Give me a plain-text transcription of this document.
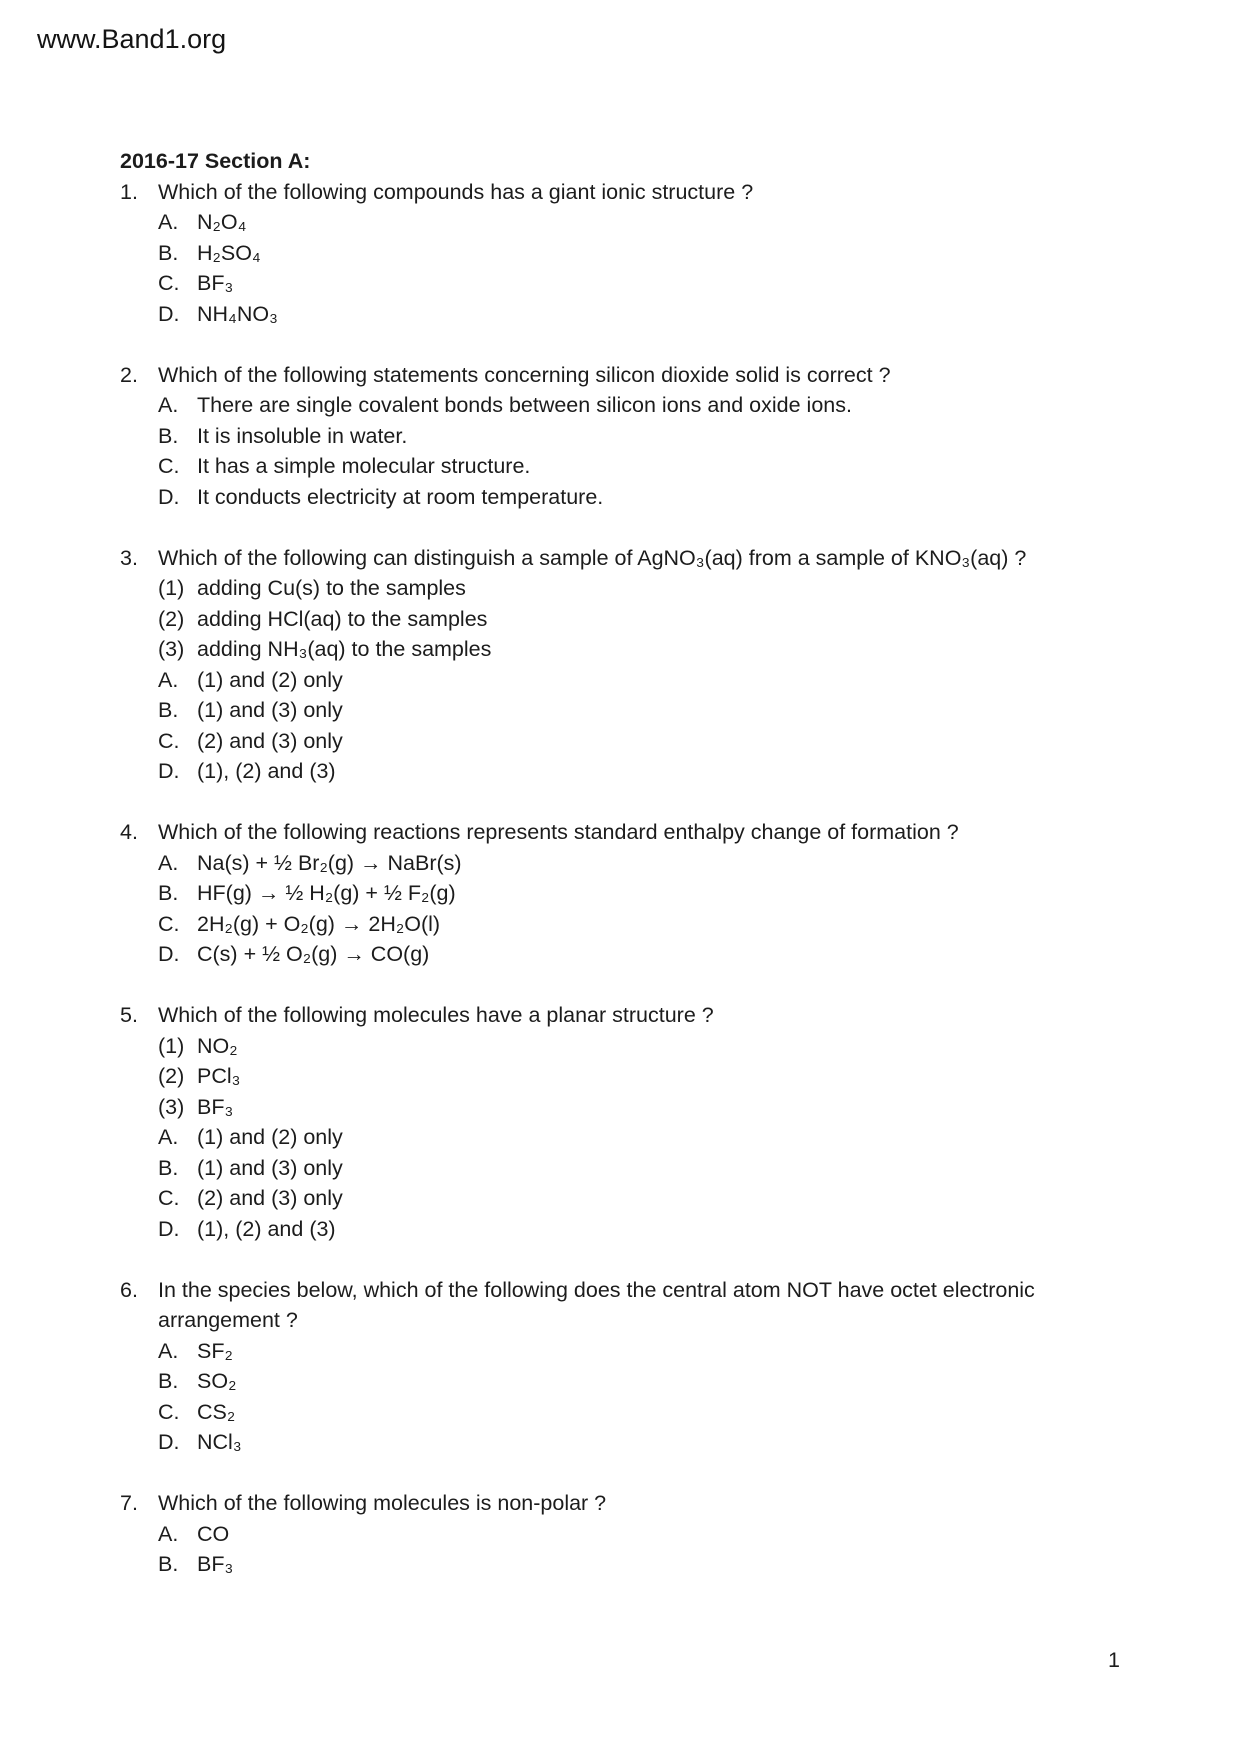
www.Band1.org
2016-17 Section A:
1. Which of the following compounds has a giant ionic structure ?
A. N₂O₄
B. H₂SO₄
C. BF₃
D. NH₄NO₃
2. Which of the following statements concerning silicon dioxide solid is correct ?
A. There are single covalent bonds between silicon ions and oxide ions.
B. It is insoluble in water.
C. It has a simple molecular structure.
D. It conducts electricity at room temperature.
3. Which of the following can distinguish a sample of AgNO₃(aq) from a sample of KNO₃(aq) ?
(1) adding Cu(s) to the samples
(2) adding HCl(aq) to the samples
(3) adding NH₃(aq) to the samples
A. (1) and (2) only
B. (1) and (3) only
C. (2) and (3) only
D. (1), (2) and (3)
4. Which of the following reactions represents standard enthalpy change of formation ?
A. Na(s) + ½ Br₂(g) → NaBr(s)
B. HF(g) → ½ H₂(g) + ½ F₂(g)
C. 2H₂(g) + O₂(g) → 2H₂O(l)
D. C(s) + ½ O₂(g) → CO(g)
5. Which of the following molecules have a planar structure ?
(1) NO₂
(2) PCl₃
(3) BF₃
A. (1) and (2) only
B. (1) and (3) only
C. (2) and (3) only
D. (1), (2) and (3)
6. In the species below, which of the following does the central atom NOT have octet electronic
arrangement ?
A. SF₂
B. SO₂
C. CS₂
D. NCl₃
7. Which of the following molecules is non-polar ?
A. CO
B. BF₃
1
